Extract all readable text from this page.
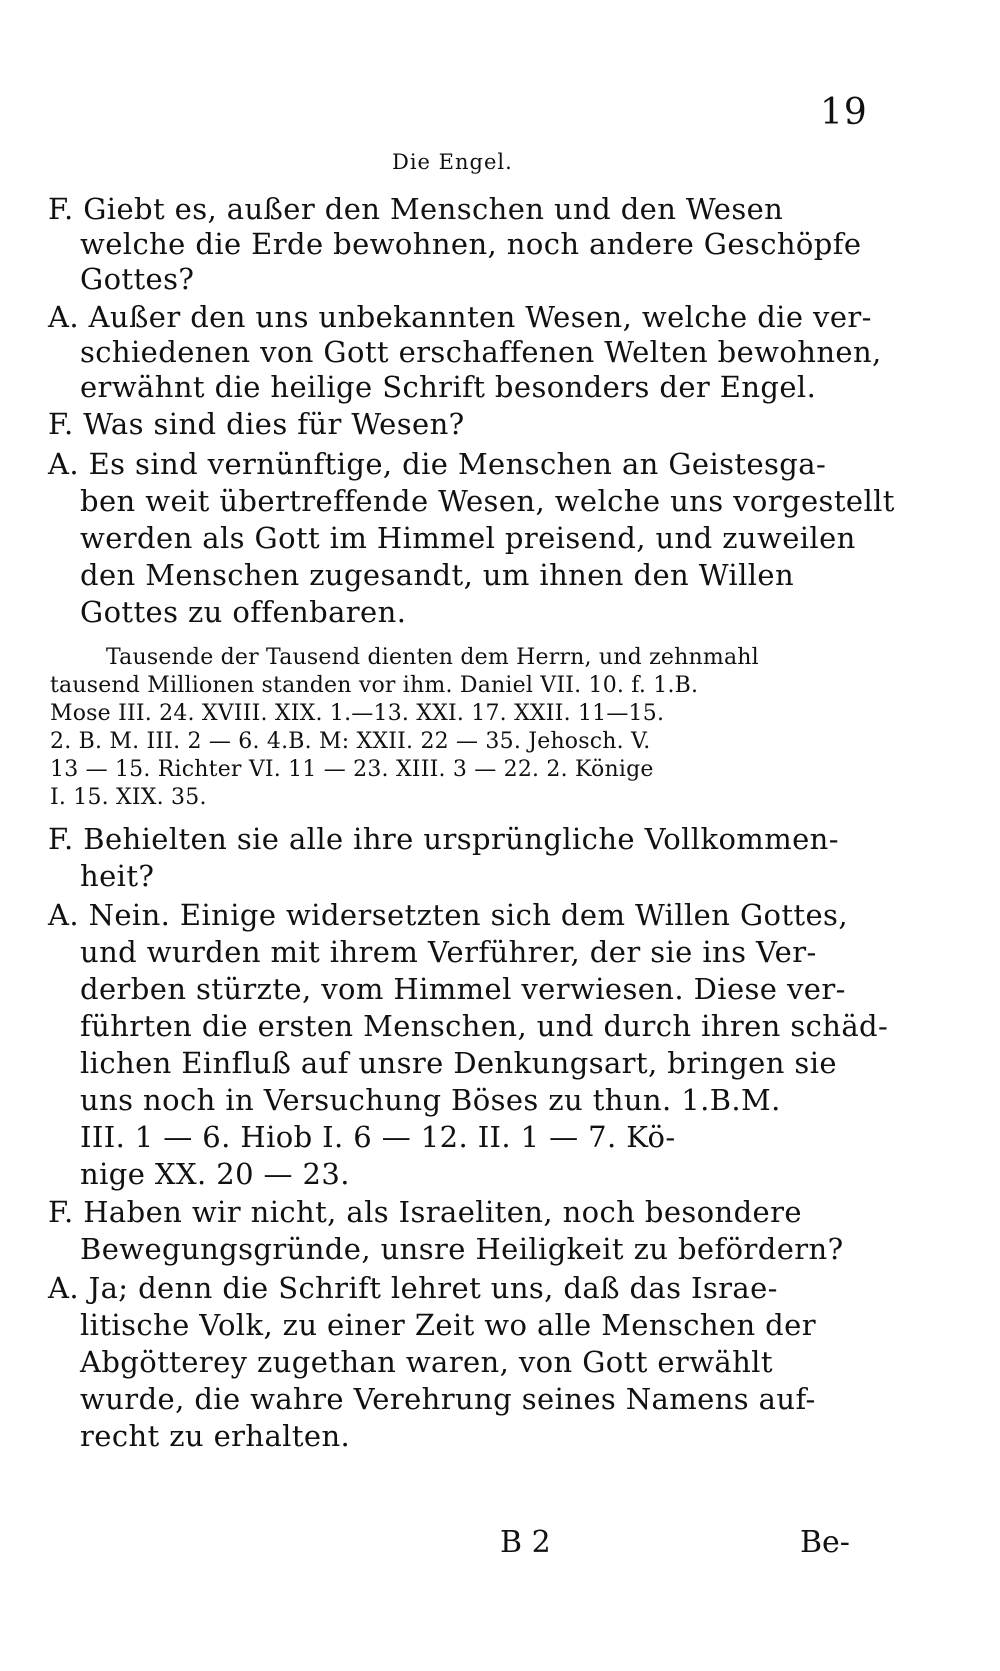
19
Die Engel.
F. Giebt es, außer den Menschen und den Wesen
welche die Erde bewohnen, noch andere Geschöpfe
Gottes?
A. Außer den uns unbekannten Wesen, welche die ver-
schiedenen von Gott erschaffenen Welten bewohnen,
erwähnt die heilige Schrift besonders der Engel.
F. Was sind dies für Wesen?
A. Es sind vernünftige, die Menschen an Geistesga-
ben weit übertreffende Wesen, welche uns vorgestellt
werden als Gott im Himmel preisend, und zuweilen
den Menschen zugesandt, um ihnen den Willen
Gottes zu offenbaren.
Tausende der Tausend dienten dem Herrn, und zehnmahl
tausend Millionen standen vor ihm. Daniel VII. 10. f. 1.B.
Mose III. 24. XVIII. XIX. 1.—13. XXI. 17. XXII. 11—15.
2. B. M. III. 2 — 6. 4.B. M: XXII. 22 — 35. Jehosch. V.
13 — 15. Richter VI. 11 — 23. XIII. 3 — 22. 2. Könige
I. 15. XIX. 35.
F. Behielten sie alle ihre ursprüngliche Vollkommen-
heit?
A. Nein. Einige widersetzten sich dem Willen Gottes,
und wurden mit ihrem Verführer, der sie ins Ver-
derben stürzte, vom Himmel verwiesen. Diese ver-
führten die ersten Menschen, und durch ihren schäd-
lichen Einfluß auf unsre Denkungsart, bringen sie
uns noch in Versuchung Böses zu thun. 1.B.M.
III. 1 — 6. Hiob I. 6 — 12. II. 1 — 7. Kö-
nige XX. 20 — 23.
F. Haben wir nicht, als Israeliten, noch besondere
Bewegungsgründe, unsre Heiligkeit zu befördern?
A. Ja; denn die Schrift lehret uns, daß das Israe-
litische Volk, zu einer Zeit wo alle Menschen der
Abgötterey zugethan waren, von Gott erwählt
wurde, die wahre Verehrung seines Namens auf-
recht zu erhalten.
B 2	Be-
